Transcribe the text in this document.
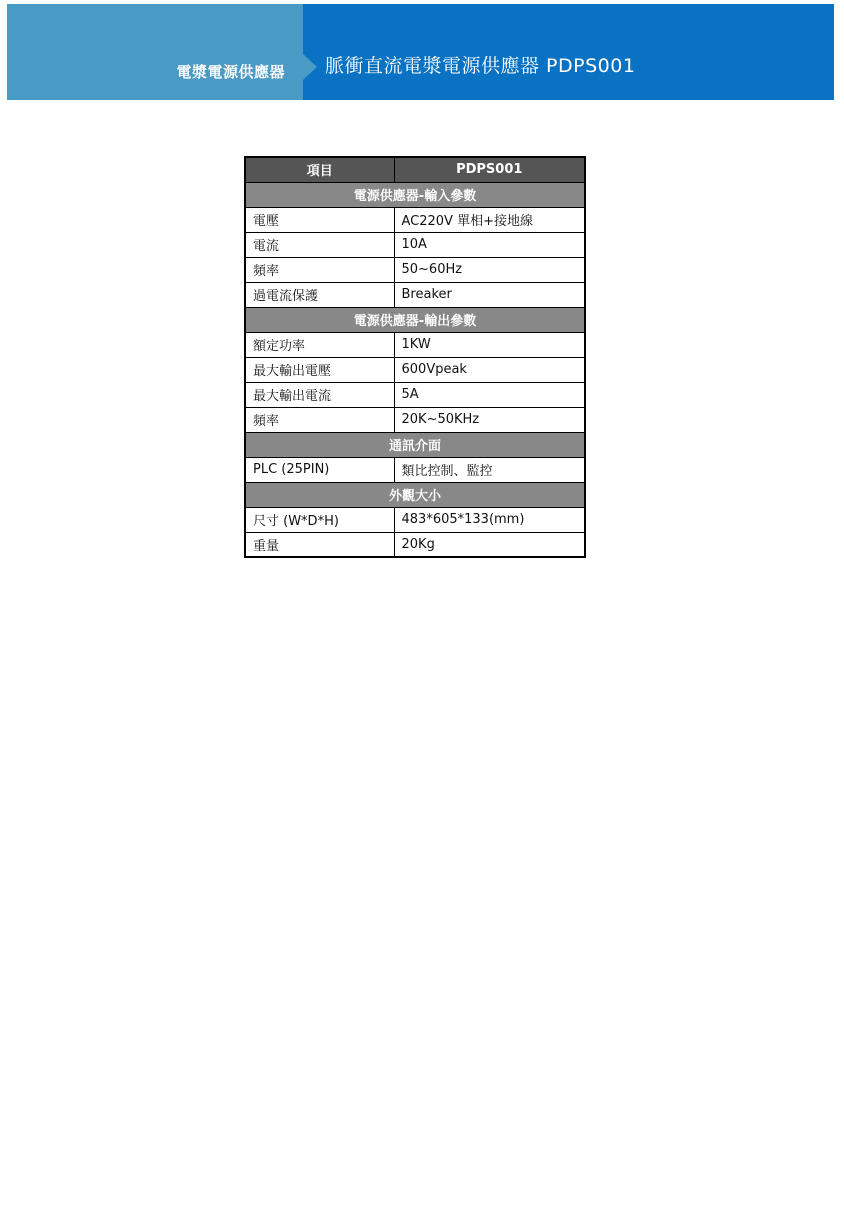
電漿電源供應器 脈衝直流電漿電源供應器 PDPS001
項目	PDPS001
電源供應器-輸入參數	
電壓	AC220V 單相+接地線
電流	10A
頻率	50~60Hz
過電流保護	Breaker
電源供應器-輸出參數	
額定功率	1KW
最大輸出電壓	600Vpeak
最大輸出電流	5A
頻率	20K~50KHz
通訊介面	
PLC (25PIN)	類比控制、監控
外觀大小	
尺寸 (W*D*H)	483*605*133(mm)
重量	20Kg
